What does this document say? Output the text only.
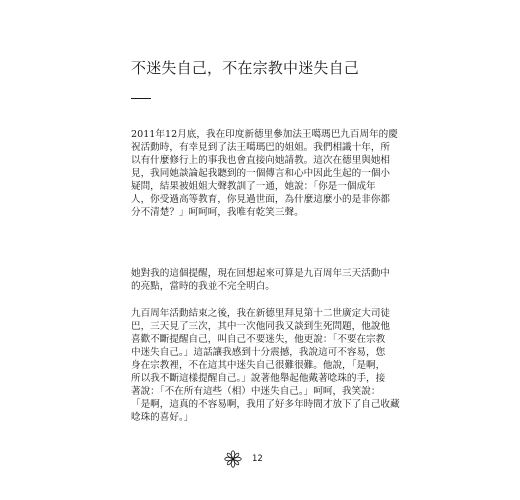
不迷失自己，不在宗教中迷失自己
2011年12月底，我在印度新德里參加法王噶瑪巴九百周年的慶
祝活動時，有幸見到了法王噶瑪巴的姐姐。我們相識十年，所
以有什麼修行上的事我也會直接向她請教。這次在德里與她相
見，我同她談論起我聽到的一個傳言和心中因此生起的一個小
疑問，結果被姐姐大聲教訓了一通，她說：「你是一個成年
人，你受過高等教育，你見過世面，為什麼這麼小的是非你都
分不清楚？」呵呵呵，我唯有乾笑三聲。
她對我的這個提醒，現在回想起來可算是九百周年三天活動中
的亮點，當時的我並不完全明白。
九百周年活動結束之後，我在新德里拜見第十二世廣定大司徒
巴，三天見了三次，其中一次他同我又談到生死問題，他說他
喜歡不斷提醒自己，叫自己不要迷失，他更說：「不要在宗教
中迷失自己。」這話讓我感到十分震撼，我說這可不容易，您
身在宗教裡，不在這其中迷失自己很難很難。他說，「是啊，
所以我不斷這樣提醒自己。」說著他舉起他戴著唸珠的手，接
著說：「不在所有這些（相）中迷失自己。」呵呵，我笑說：
「是啊，這真的不容易啊，我用了好多年時間才放下了自己收藏
唸珠的喜好。」
12
